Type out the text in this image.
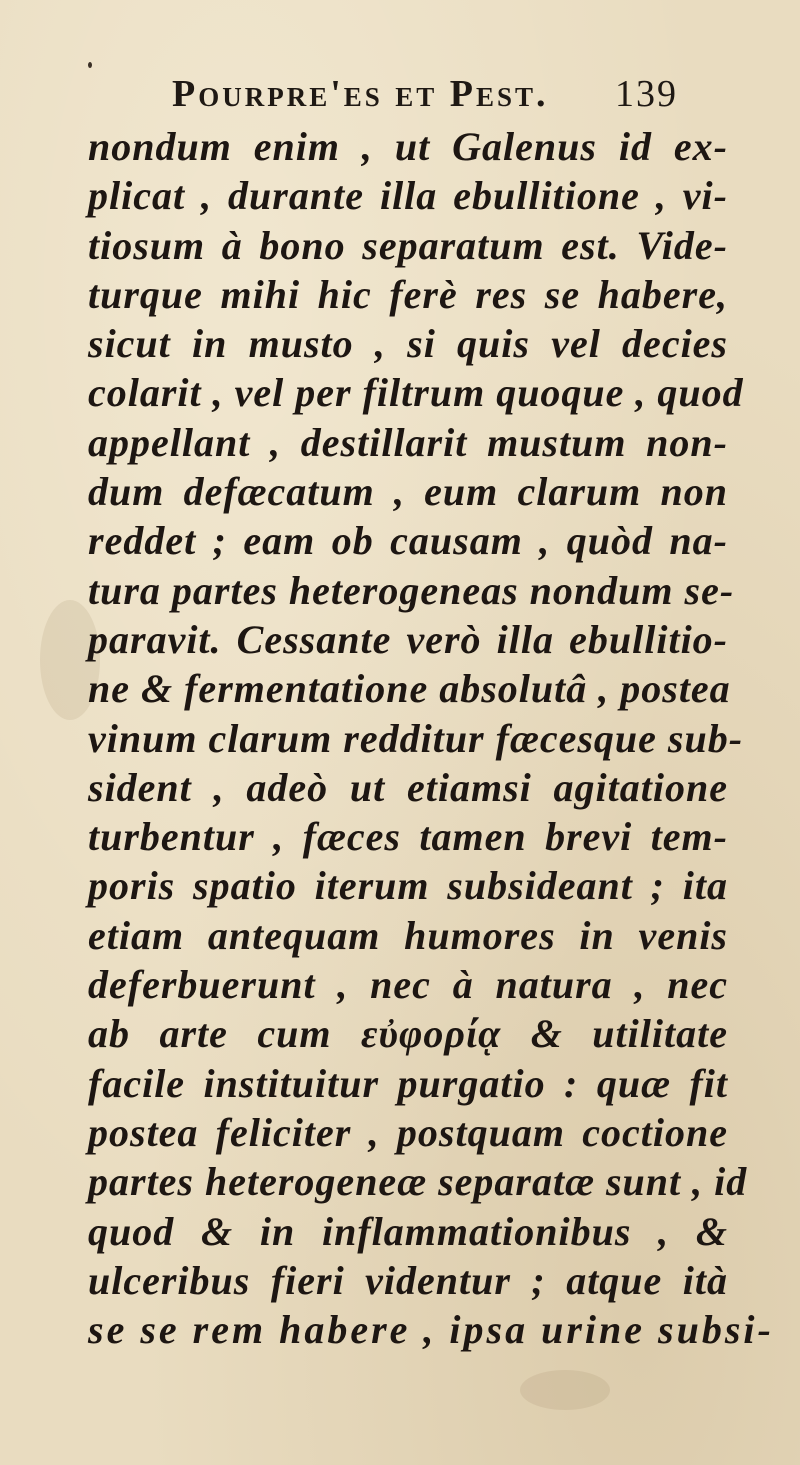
Pourpre'es et Pest. 139
nondum enim , ut Galenus id ex-
plicat , durante illa ebullitione , vi-
tiosum à bono separatum est. Vide-
turque mihi hic ferè res se habere,
sicut in musto , si quis vel decies
colarit , vel per filtrum quoque , quod
appellant , destillarit mustum non-
dum defæcatum , eum clarum non
reddet ; eam ob causam , quòd na-
tura partes heterogeneas nondum se-
paravit. Cessante verò illa ebullitio-
ne & fermentatione absolutâ , postea
vinum clarum redditur fæcesque sub-
sident , adeò ut etiamsi agitatione
turbentur , fæces tamen brevi tem-
poris spatio iterum subsideant ; ita
etiam antequam humores in venis
deferbuerunt , nec à natura , nec
ab arte cum εὐφορίᾳ & utilitate
facile instituitur purgatio : quæ fit
postea feliciter , postquam coctione
partes heterogeneæ separatæ sunt , id
quod & in inflammationibus , &
ulceribus fieri videntur ; atque ità
se se rem habere , ipsa urine subsi-
